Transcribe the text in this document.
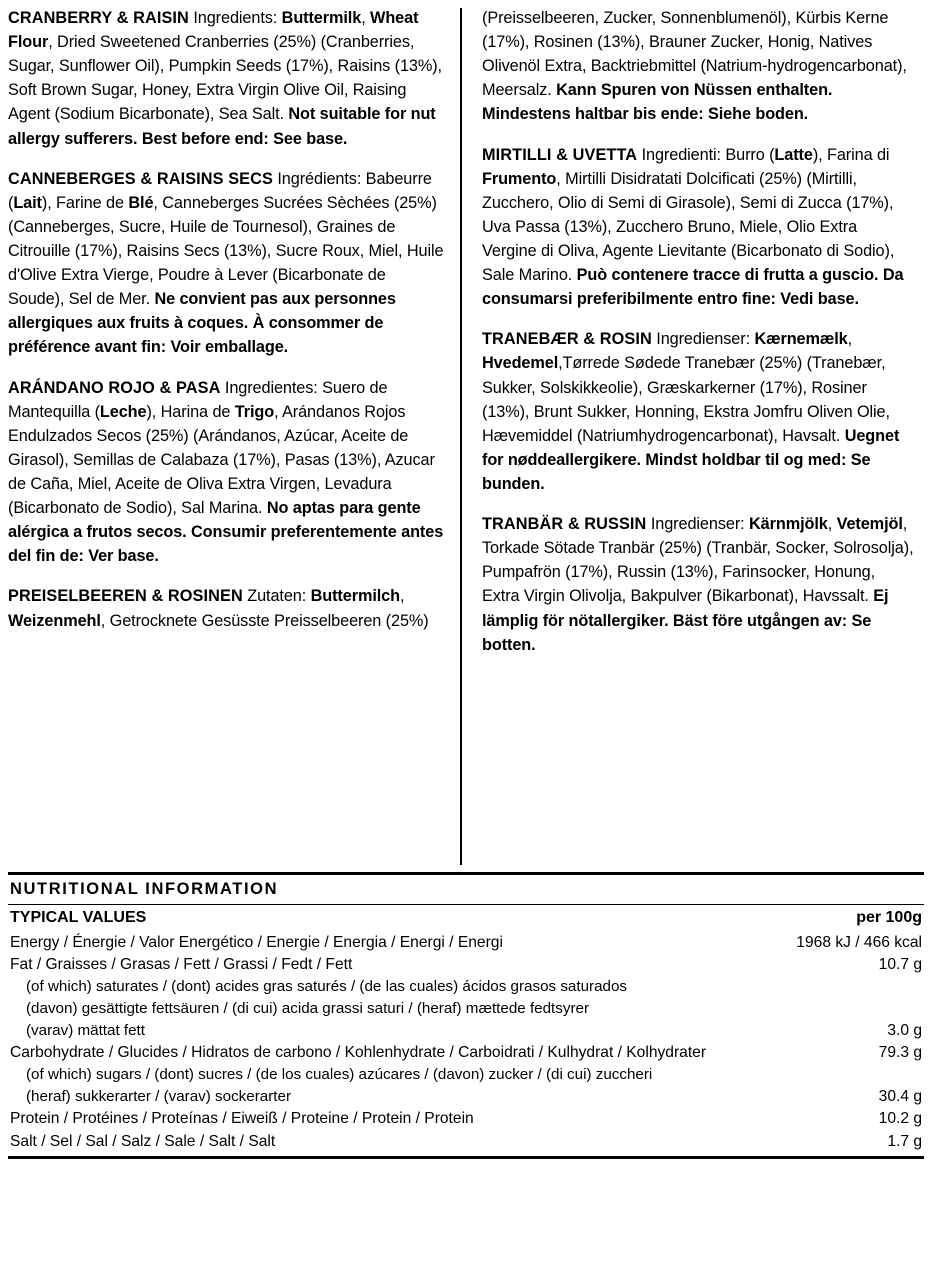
CRANBERRY & RAISIN Ingredients: Buttermilk, Wheat Flour, Dried Sweetened Cranberries (25%) (Cranberries, Sugar, Sunflower Oil), Pumpkin Seeds (17%), Raisins (13%), Soft Brown Sugar, Honey, Extra Virgin Olive Oil, Raising Agent (Sodium Bicarbonate), Sea Salt. Not suitable for nut allergy sufferers. Best before end: See base.

CANNEBERGES & RAISINS SECS Ingrédients: Babeurre (Lait), Farine de Blé, Canneberges Sucrées Sèchées (25%) (Canneberges, Sucre, Huile de Tournesol), Graines de Citrouille (17%), Raisins Secs (13%), Sucre Roux, Miel, Huile d'Olive Extra Vierge, Poudre à Lever (Bicarbonate de Soude), Sel de Mer. Ne convient pas aux personnes allergiques aux fruits à coques. À consommer de préférence avant fin: Voir emballage.

ARÁNDANO ROJO & PASA Ingredientes: Suero de Mantequilla (Leche), Harina de Trigo, Arándanos Rojos Endulzados Secos (25%) (Arándanos, Azúcar, Aceite de Girasol), Semillas de Calabaza (17%), Pasas (13%), Azucar de Caña, Miel, Aceite de Oliva Extra Virgen, Levadura (Bicarbonato de Sodio), Sal Marina. No aptas para gente alérgica a frutos secos. Consumir preferentemente antes del fin de: Ver base.

PREISELBEEREN & ROSINEN Zutaten: Buttermilch, Weizenmehl, Getrocknete Gesüsste Preisselbeeren (25%)

(Preisselbeeren, Zucker, Sonnenblumenöl), Kürbis Kerne (17%), Rosinen (13%), Brauner Zucker, Honig, Natives Olivenöl Extra, Backtriebmittel (Natrium-hydrogencarbonat), Meersalz. Kann Spuren von Nüssen enthalten. Mindestens haltbar bis ende: Siehe boden.

MIRTILLI & UVETTA Ingredienti: Burro (Latte), Farina di Frumento, Mirtilli Disidratati Dolcificati (25%) (Mirtilli, Zucchero, Olio di Semi di Girasole), Semi di Zucca (17%), Uva Passa (13%), Zucchero Bruno, Miele, Olio Extra Vergine di Oliva, Agente Lievitante (Bicarbonato di Sodio), Sale Marino. Può contenere tracce di frutta a guscio. Da consumarsi preferibilmente entro fine: Vedi base.

TRANEBÆR & ROSIN Ingredienser: Kærnemælk, Hvedemel,Tørrede Sødede Tranebær (25%) (Tranebær, Sukker, Solskikkeolie), Græskarkerner (17%), Rosiner (13%), Brunt Sukker, Honning, Ekstra Jomfru Oliven Olie, Hævemiddel (Natriumhydrogencarbonat), Havsalt. Uegnet for nøddeallergikere. Mindst holdbar til og med: Se bunden.

TRANBÄR & RUSSIN Ingredienser: Kärnmjölk, Vetemjöl, Torkade Sötade Tranbär (25%) (Tranbär, Socker, Solrosolja), Pumpafrön (17%), Russin (13%), Farinsocker, Honung, Extra Virgin Olivolja, Bakpulver (Bikarbonat), Havssalt. Ej lämplig för nötallergiker. Bäst före utgången av: Se botten.

NUTRITIONAL INFORMATION
TYPICAL VALUES	per 100g
Energy / Énergie / Valor Energético / Energie / Energia / Energi / Energi	1968 kJ / 466 kcal
Fat / Graisses / Grasas / Fett / Grassi / Fedt / Fett	10.7 g
(of which) saturates / (dont) acides gras saturés / (de las cuales) ácidos grasos saturados	
(davon) gesättigte fettsäuren / (di cui) acida grassi saturi / (heraf) mættede fedtsyrer	
(varav) mättat fett	3.0 g
Carbohydrate / Glucides / Hidratos de carbono / Kohlenhydrate / Carboidrati / Kulhydrat / Kolhydrater	79.3 g
(of which) sugars / (dont) sucres / (de los cuales) azúcares / (davon) zucker / (di cui) zuccheri	
(heraf) sukkerarter / (varav) sockerarter	30.4 g
Protein / Protéines / Proteínas / Eiweiß / Proteine / Protein / Protein	10.2 g
Salt / Sel / Sal / Salz / Sale / Salt / Salt	1.7 g
